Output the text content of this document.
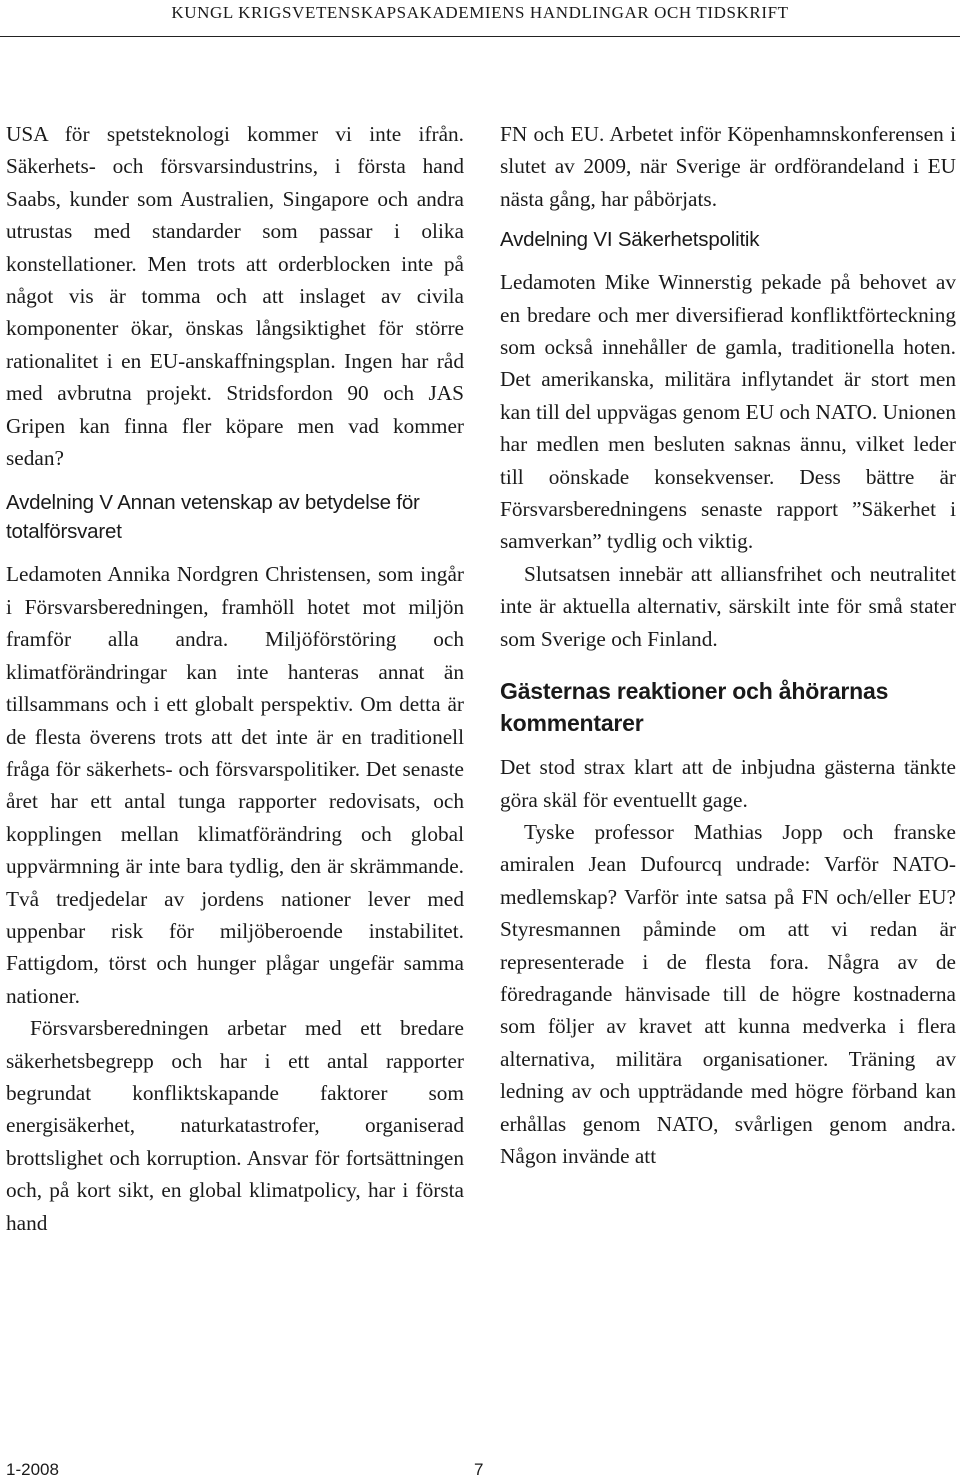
KUNGL KRIGSVETENSKAPSAKADEMIENS HANDLINGAR OCH TIDSKRIFT

USA för spetsteknologi kommer vi inte ifrån. Säkerhets- och försvarsindustrins, i första hand Saabs, kunder som Australien, Singapore och andra utrustas med standarder som passar i olika konstellationer. Men trots att orderblocken inte på något vis är tomma och att inslaget av civila komponenter ökar, önskas långsiktighet för större rationalitet i en EU-anskaffningsplan. Ingen har råd med avbrutna projekt. Stridsfordon 90 och JAS Gripen kan finna fler köpare men vad kommer sedan?

Avdelning V Annan vetenskap av betydelse för totalförsvaret

Ledamoten Annika Nordgren Christensen, som ingår i Försvarsberedningen, framhöll hotet mot miljön framför alla andra. Miljöförstöring och klimatförändringar kan inte hanteras annat än tillsammans och i ett globalt perspektiv. Om detta är de flesta överens trots att det inte är en traditionell fråga för säkerhets- och försvarspolitiker. Det senaste året har ett antal tunga rapporter redovisats, och kopplingen mellan klimatförändring och global uppvärmning är inte bara tydlig, den är skrämmande. Två tredjedelar av jordens nationer lever med uppenbar risk för miljöberoende instabilitet. Fattigdom, törst och hunger plågar ungefär samma nationer.

Försvarsberedningen arbetar med ett bredare säkerhetsbegrepp och har i ett antal rapporter begrundat konfliktskapande faktorer som energisäkerhet, naturkatastrofer, organiserad brottslighet och korruption. Ansvar för fortsättningen och, på kort sikt, en global klimatpolicy, har i första hand

FN och EU. Arbetet inför Köpenhamnskonferensen i slutet av 2009, när Sverige är ordförandeland i EU nästa gång, har påbörjats.

Avdelning VI Säkerhetspolitik

Ledamoten Mike Winnerstig pekade på behovet av en bredare och mer diversifierad konfliktförteckning som också innehåller de gamla, traditionella hoten. Det amerikanska, militära inflytandet är stort men kan till del uppvägas genom EU och NATO. Unionen har medlen men besluten saknas ännu, vilket leder till oönskade konsekvenser. Dess bättre är Försvarsberedningens senaste rapport ”Säkerhet i samverkan” tydlig och viktig.

Slutsatsen innebär att alliansfrihet och neutralitet inte är aktuella alternativ, särskilt inte för små stater som Sverige och Finland.

Gästernas reaktioner och åhörarnas kommentarer

Det stod strax klart att de inbjudna gästerna tänkte göra skäl för eventuellt gage.

Tyske professor Mathias Jopp och franske amiralen Jean Dufourcq undrade: Varför NATO-medlemskap? Varför inte satsa på FN och/eller EU? Styresmannen påminde om att vi redan är representerade i de flesta fora. Några av de föredragande hänvisade till de högre kostnaderna som följer av kravet att kunna medverka i flera alternativa, militära organisationer. Träning av ledning av och uppträdande med högre förband kan erhållas genom NATO, svårligen genom andra. Någon invände att

1-2008	7
